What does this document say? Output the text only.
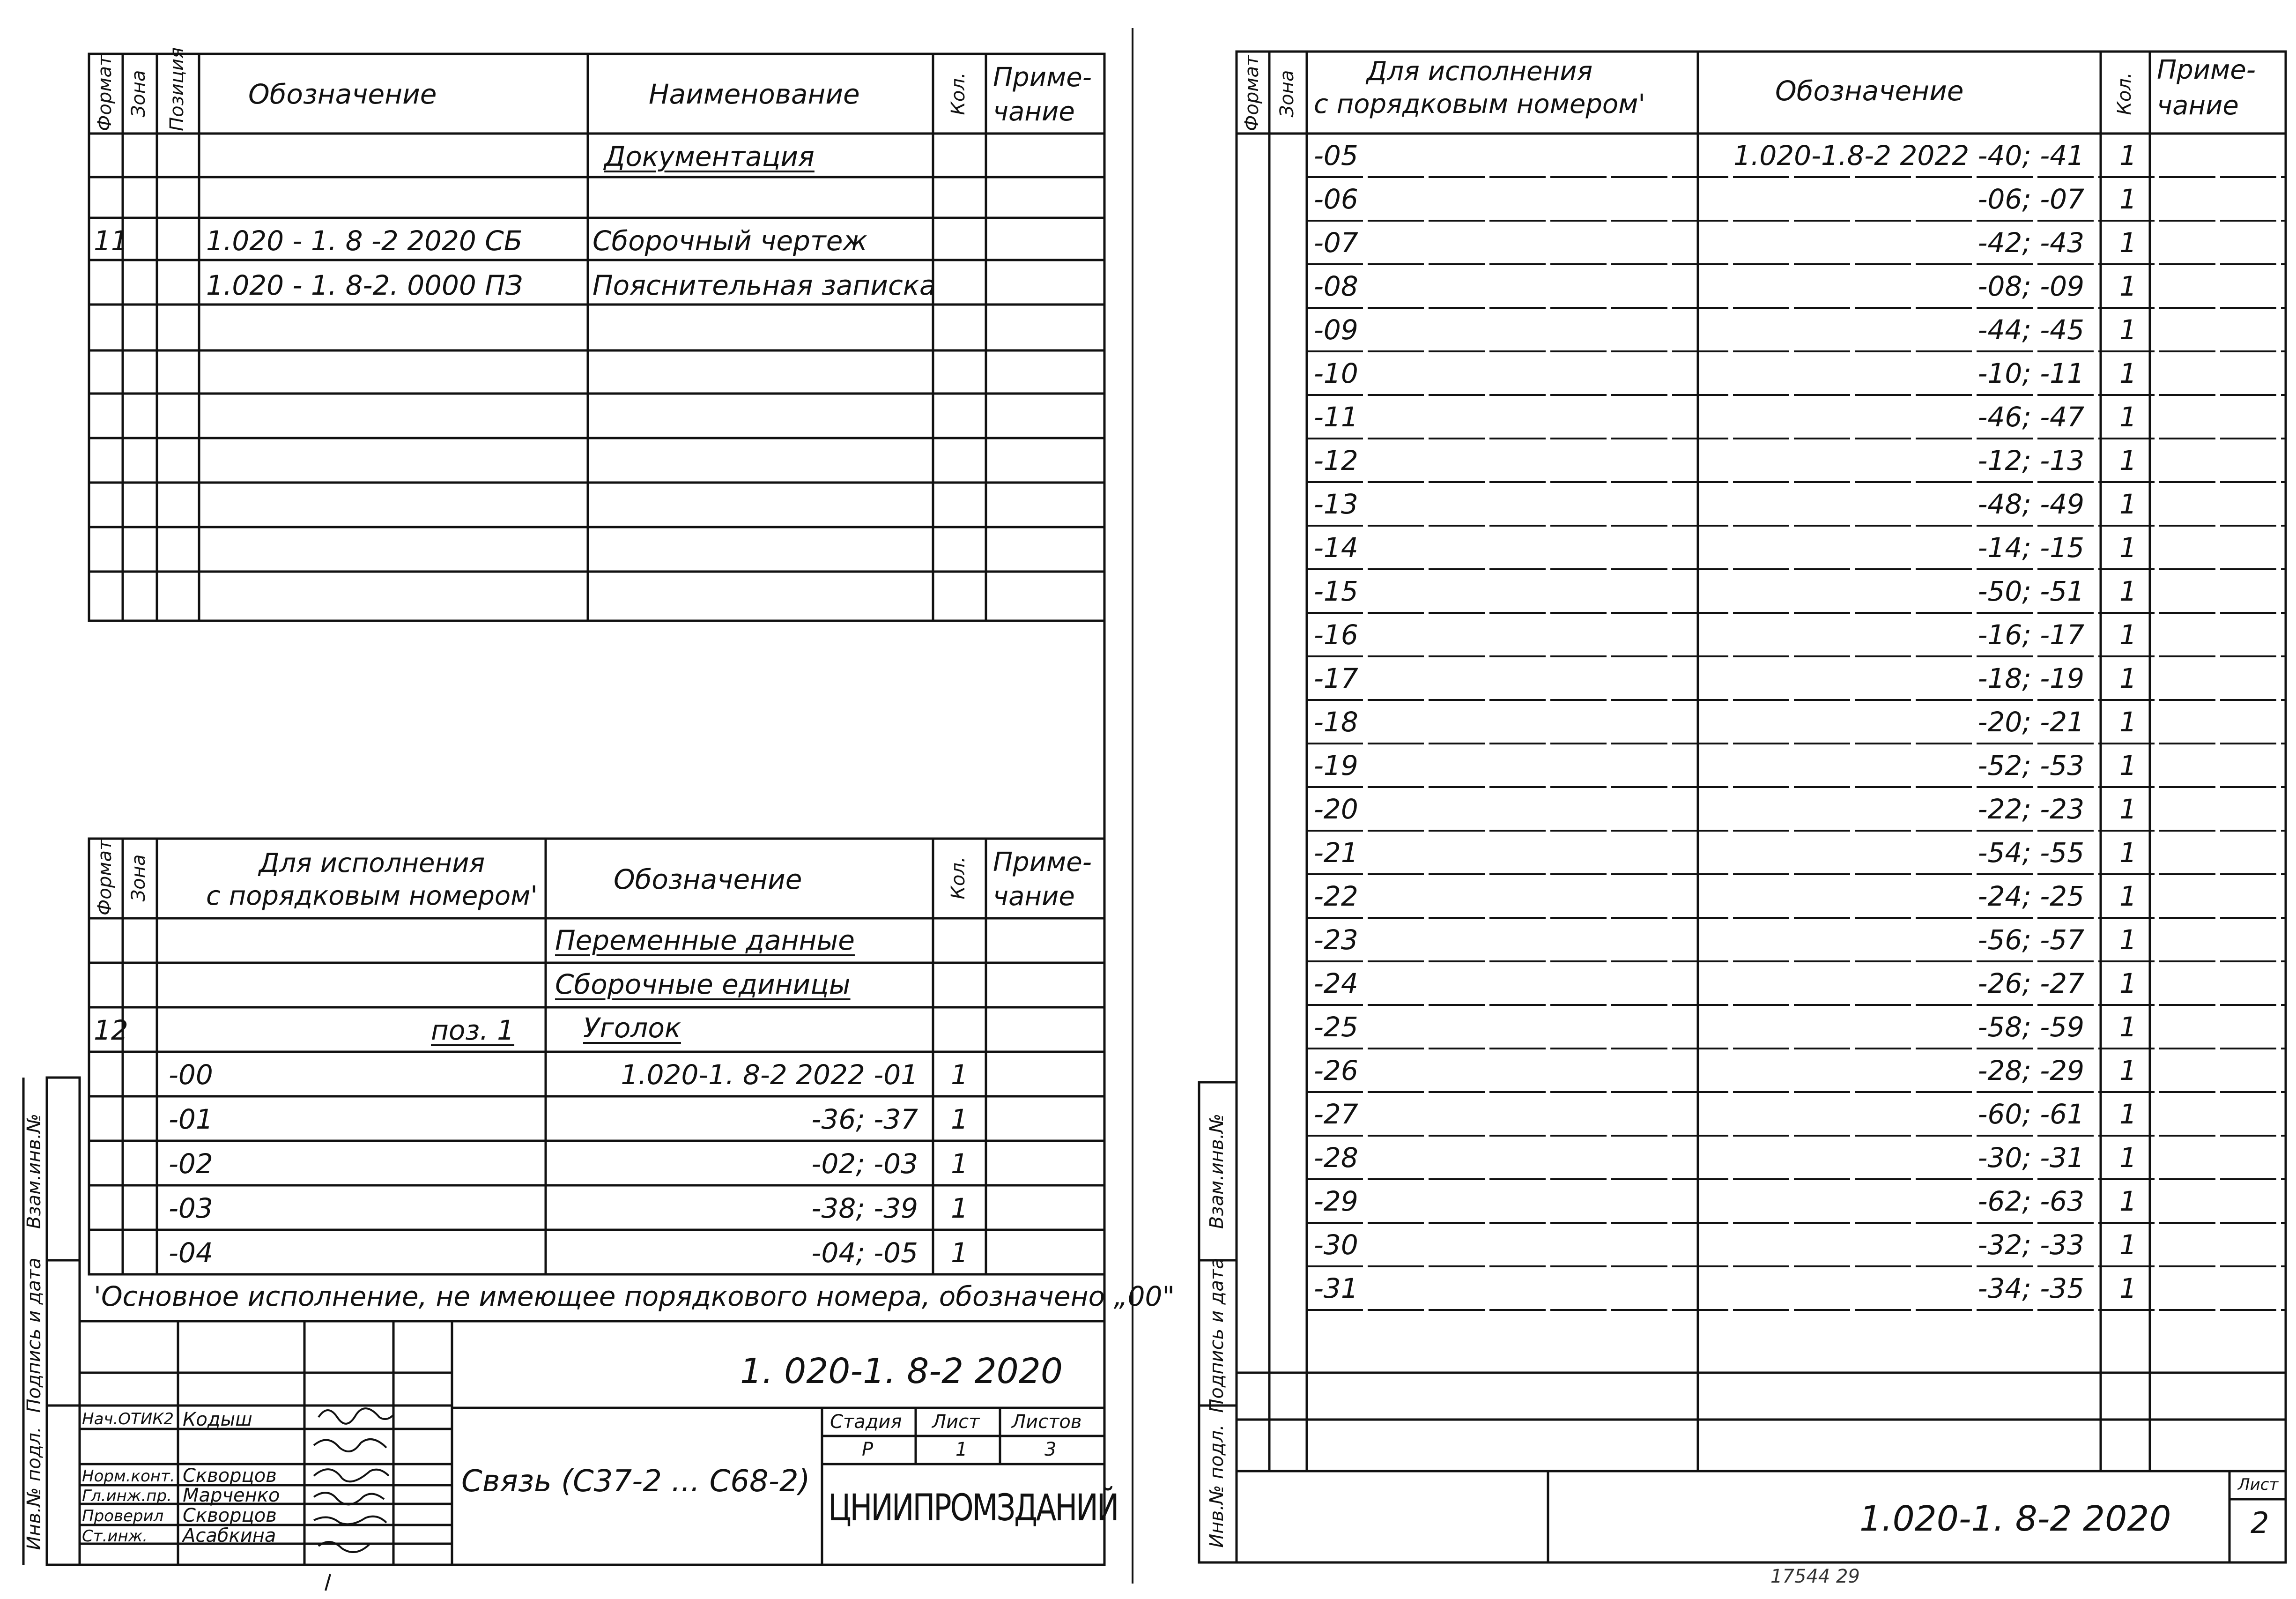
Формат Зона Позиция Обозначение	Наименование	Кол. Приме-
чание
Документация
11	1.020 - 1. 8 -2 2020 СБ	Сборочный чертеж
1.020 - 1. 8-2. 0000 ПЗ	Пояснительная записка
Формат Зона	Для исполнения
с порядковым номером'
Обозначение	Кол. Приме-
чание
Переменные данные
Сборочные единицы
12	поз. 1	Уголок
-00	1.020-1. 8-2 2022 -01 1
-01	-36; -37 1
-02	-02; -03 1
-03	-38; -39 1
-04	-04; -05 1
'Основное исполнение, не имеющее порядкового номера, обозначено „00"
1. 020-1. 8-2 2020
Нач.ОТИК2 Кодыш
Норм.конт. Скворцов
Гл.инж.пр. Марченко
Проверил Скворцов
Ст.инж. Асабкина
Связь (С37-2 ... С68-2)
Стадия Лист Листов
Р	1	3
ЦНИИПРОМЗДАНИЙ
Инв.№ подл.
Подпись и дата
Взам.инв.№
Формат Зона	Для исполнения
с порядковым номером'	Обозначение	Кол.
Приме-
чание
-05	1.020-1.8-2 2022 -40; -41 1
-06	-06; -07 1
-07	-42; -43 1
-08	-08; -09 1
-09	-44; -45 1
-10	-10; -11 1
-11	-46; -47 1
-12	-12; -13 1
-13	-48; -49 1
-14	-14; -15 1
-15	-50; -51 1
-16	-16; -17 1
-17	-18; -19 1
-18	-20; -21 1
-19	-52; -53 1
-20	-22; -23 1
-21	-54; -55 1
-22	-24; -25 1
-23	-56; -57 1
-24	-26; -27 1
-25	-58; -59 1
-26	-28; -29 1
-27	-60; -61 1
-28	-30; -31 1
-29	-62; -63 1
-30	-32; -33 1
-31	-34; -35 1
1.020-1. 8-2 2020
Лист
2
17544 29
Инв.№ подл.
Подпись и дата
Взам.инв.№
